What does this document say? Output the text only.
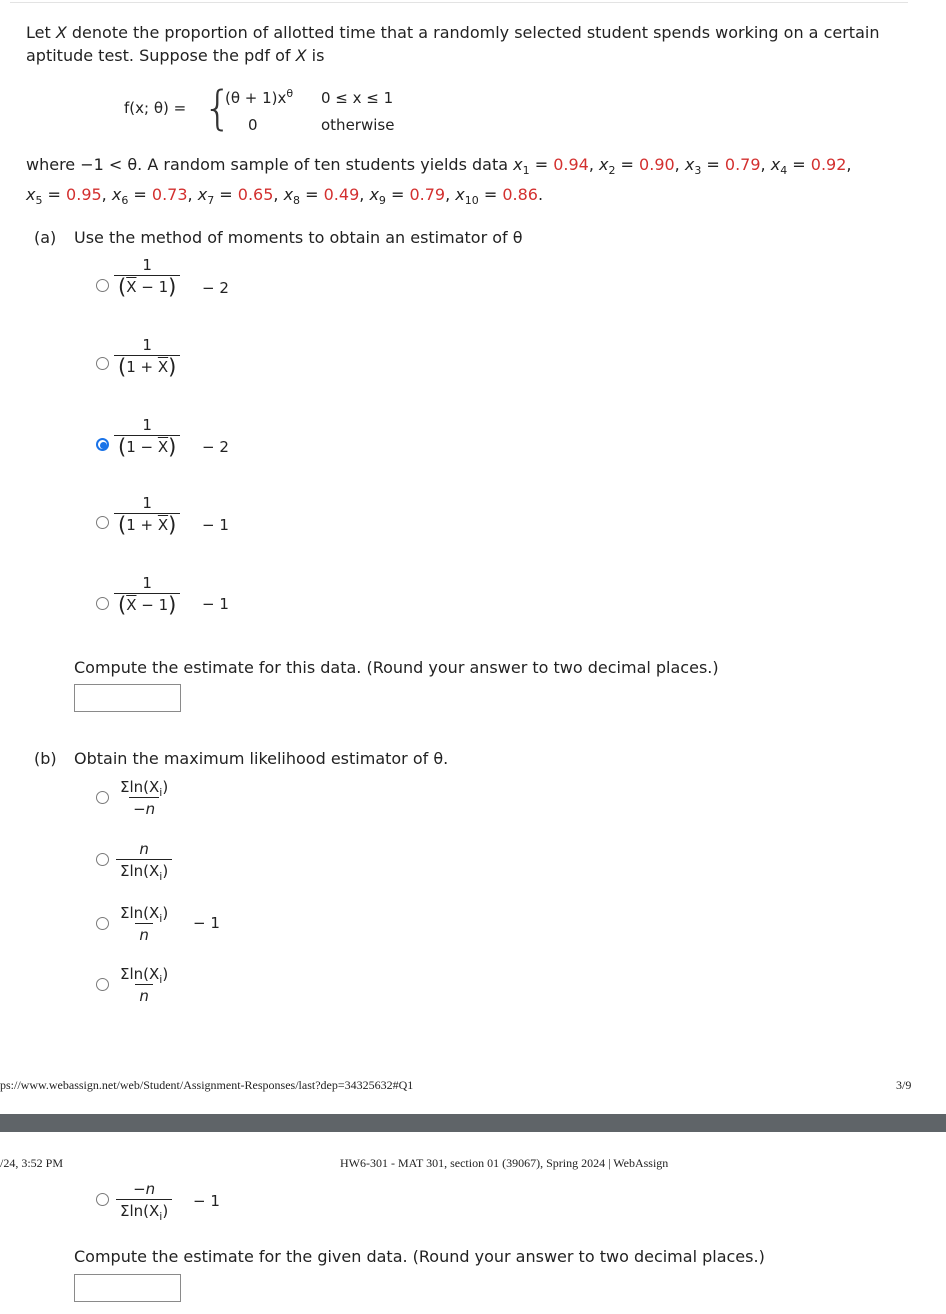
Let X denote the proportion of allotted time that a randomly selected student spends working on a certain
aptitude test. Suppose the pdf of X is
f(x; θ) = {
$(\theta + 1)x^\theta$ 0 ≤ x ≤ 1
0	otherwise
where −1 < θ. A random sample of ten students yields data $x_1 = 0.94$, $x_2 = 0.90$, $x_3 = 0.79$, $x_4 = 0.92$,
$x_5 = 0.95$, $x_6 = 0.73$, $x_7 = 0.65$, $x_8 = 0.49$, $x_9 = 0.79$, $x_{10} = 0.86$.
(a) Use the method of moments to obtain an estimator of θ
$\frac{1}{(\overline{X} - 1)} - 2$
$\frac{1}{(1 + \overline{X})}$
$\frac{1}{(1 - \overline{X})} - 2$
$\frac{1}{(1 + \overline{X})} - 1$
$\frac{1}{(\overline{X} - 1)} - 1$
Compute the estimate for this data. (Round your answer to two decimal places.)
(b) Obtain the maximum likelihood estimator of θ.
$\frac{\Sigma\ln(X_i)}{-n}$
$\frac{n}{\Sigma\ln(X_i)}$
$\frac{\Sigma\ln(X_i)}{n} - 1$
$\frac{\Sigma\ln(X_i)}{n}$
ps://www.webassign.net/web/Student/Assignment-Responses/last?dep=34325632#Q1	3/9
/24, 3:52 PM	HW6-301 - MAT 301, section 01 (39067), Spring 2024 | WebAssign
$\frac{-n}{\Sigma\ln(X_i)} - 1$
Compute the estimate for the given data. (Round your answer to two decimal places.)
